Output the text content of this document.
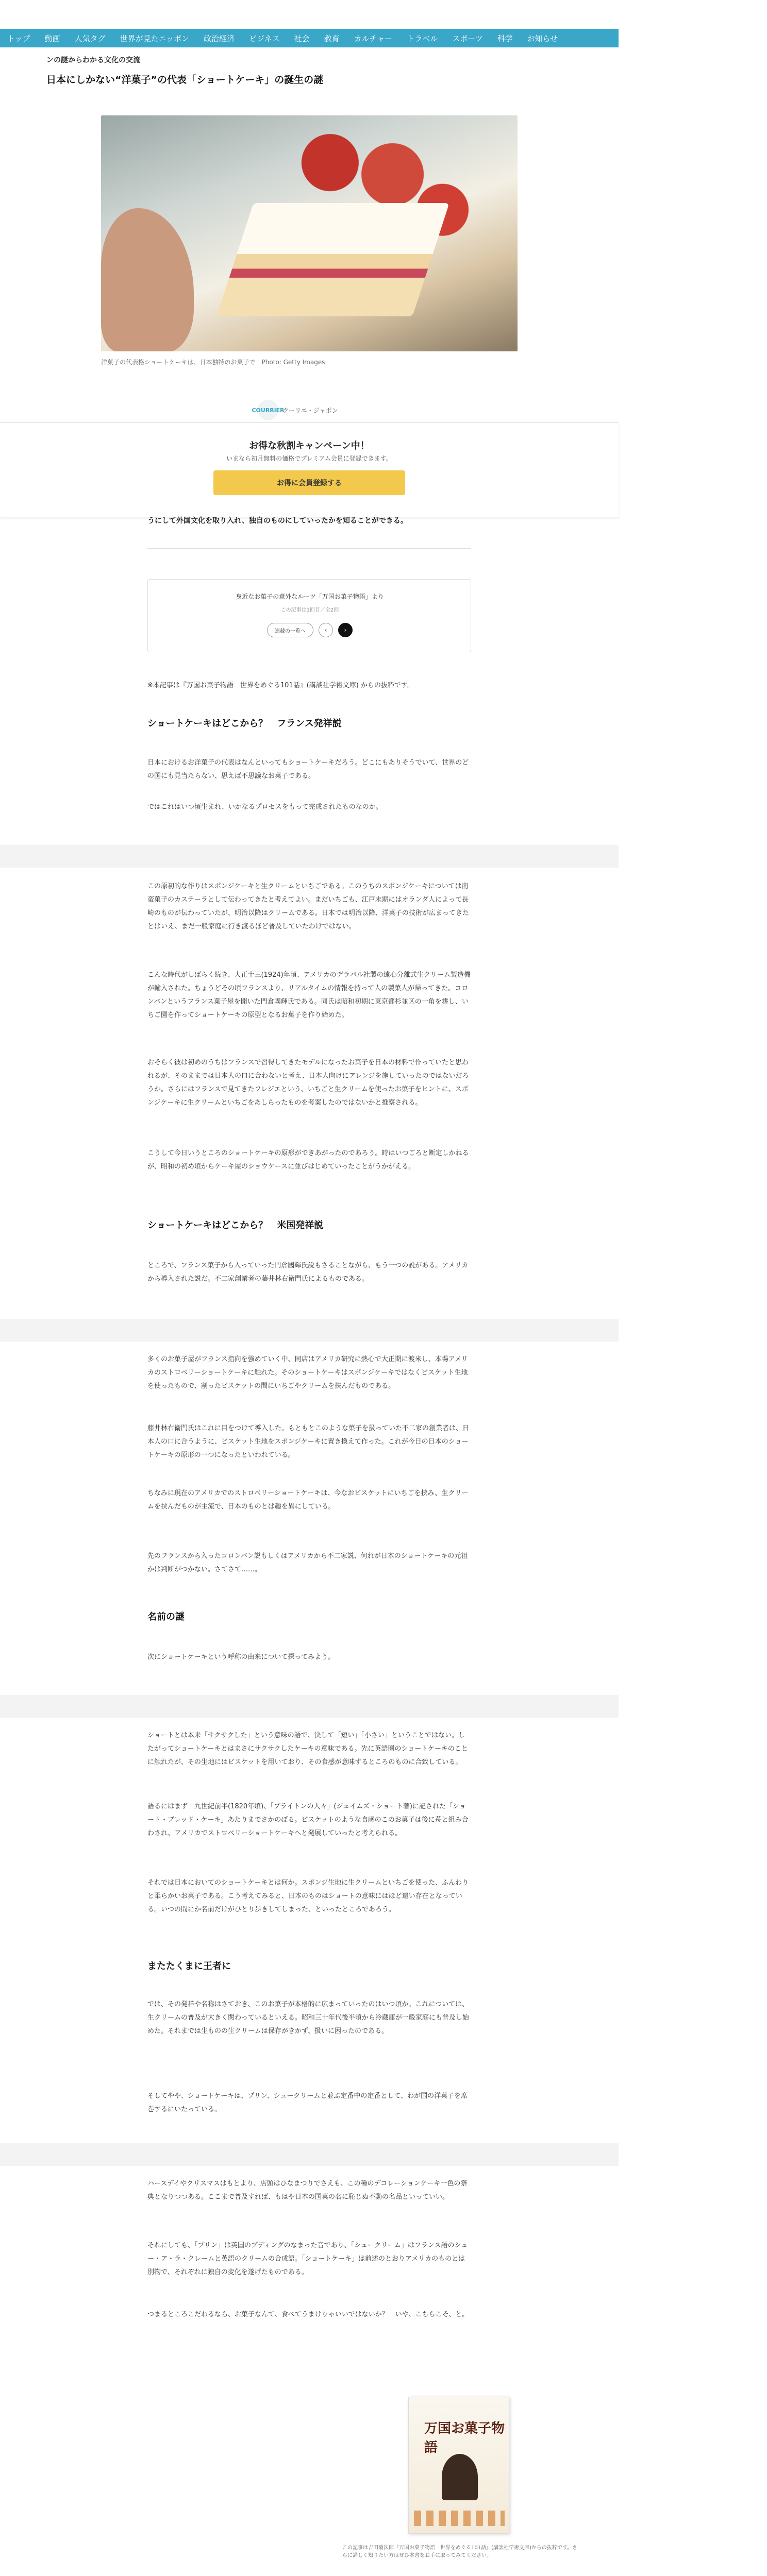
トップ 動画 人気タグ 世界が見たニッポン 政治経済 ビジネス 社会 教育 カルチャー トラベル スポーツ 科学 お知らせ
ンの謎からわかる文化の交流
日本にしかない“洋菓子”の代表「ショートケーキ」の誕生の謎
洋菓子の代表格ショートケーキは、日本独特のお菓子で　Photo: Getty Images
COURRiER
クーリエ・ジャポン
お得な秋割キャンペーン中！
いまなら初月無料の価格でプレミアム会員に登録できます。
お得に会員登録する
うにして外国文化を取り入れ、独自のものにしていったかを知ることができる。
身近なお菓子の意外なルーツ「万国お菓子物語」より
この記事は1回目／全2回
連載の一覧へ	‹	›
※本記事は『万国お菓子物語　世界をめぐる101話』(講談社学術文庫) からの抜粋です。
ショートケーキはどこから？　フランス発祥説
日本におけるお洋菓子の代表はなんといってもショートケーキだろう。どこにもありそうでいて、世界のどの国にも見当たらない、思えば不思議なお菓子である。
ではこれはいつ頃生まれ、いかなるプロセスをもって完成されたものなのか。
この原初的な作りはスポンジケーキと生クリームといちごである。このうちのスポンジケーキについては南蛮菓子のカステーラとして伝わってきたと考えてよい。まだいちごも、江戸末期にはオランダ人によって長崎のものが伝わっていたが、明治以降はクリームである。日本では明治以降、洋菓子の技術が広まってきたとはいえ、まだ一般家庭に行き渡るほど普及していたわけではない。
こんな時代がしばらく続き、大正十三(1924)年頃、アメリカのデラバル社製の遠心分離式生クリーム製造機が輸入された。ちょうどその頃フランスより、リアルタイムの情報を持って人の製菓人が帰ってきた。コロンバンというフランス菓子屋を開いた門倉國輝氏である。同氏は昭和初期に東京都杉並区の一角を耕し、いちご園を作ってショートケーキの原型となるお菓子を作り始めた。
おそらく彼は初めのうちはフランスで習得してきたモデルになったお菓子を日本の材料で作っていたと思われるが、そのままでは日本人の口に合わないと考え、日本人向けにアレンジを施していったのではないだろうか。さらにはフランスで見てきたフレジエという、いちごと生クリームを使ったお菓子をヒントに、スポンジケーキに生クリームといちごをあしらったものを考案したのではないかと推察される。
こうして今日いうところのショートケーキの原形ができあがったのであろう。時はいつごろと断定しかねるが、昭和の初め頃からケーキ屋のショウケースに並びはじめていったことがうかがえる。
ショートケーキはどこから？　米国発祥説
ところで、フランス菓子から入っていった門倉國輝氏説もさることながら、もう一つの説がある。アメリカから導入された説だ。不二家創業者の藤井林右衛門氏によるものである。
多くのお菓子屋がフランス指向を強めていく中、同店はアメリカ研究に熱心で大正期に渡米し、本場アメリカのストロベリーショートケーキに触れた。そのショートケーキはスポンジケーキではなくビスケット生地を使ったもので、割ったビスケットの間にいちごやクリームを挟んだものである。
藤井林右衛門氏はこれに目をつけて導入した。もともとこのような菓子を扱っていた不二家の創業者は、日本人の口に合うように、ビスケット生地をスポンジケーキに置き換えて作った。これが今日の日本のショートケーキの原形の一つになったといわれている。
ちなみに現在のアメリカでのストロベリーショートケーキは、今なおビスケットにいちごを挟み、生クリームを挟んだものが主流で、日本のものとは趣を異にしている。
先のフランスから入ったコロンバン説もしくはアメリカから不二家説、何れが日本のショートケーキの元祖かは判断がつかない。さてさて……。
名前の謎
次にショートケーキという呼称の由来について探ってみよう。
ショートとは本来「サクサクした」という意味の語で、決して「短い」「小さい」ということではない。したがってショートケーキとはまさにサクサクしたケーキの意味である。先に英語圏のショートケーキのことに触れたが、その生地にはビスケットを用いており、その食感が意味するところのものに合致している。
語るにはまず十九世紀前半(1820年頃)、「ブライトンの人々」(ジェイムズ・ショート著)に記された「ショート・ブレッド・ケーキ」あたりまでさかのぼる。ビスケットのような食感のこのお菓子は後に苺と組み合わされ、アメリカでストロベリーショートケーキへと発展していったと考えられる。
それでは日本においてのショートケーキとは何か。スポンジ生地に生クリームといちごを使った、ふんわりと柔らかいお菓子である。こう考えてみると、日本のものはショートの意味にはほど遠い存在となっている。いつの間にか名前だけがひとり歩きしてしまった、といったところであろう。
またたくまに王者に
では、その発祥や名称はさておき、このお菓子が本格的に広まっていったのはいつ頃か。これについては、生クリームの普及が大きく関わっているといえる。昭和三十年代後半頃から冷蔵庫が一般家庭にも普及し始めた。それまでは生ものの生クリームは保存がきかず、扱いに困ったのである。
そしてやや、ショートケーキは、プリン、シュークリームと並ぶ定番中の定番として、わが国の洋菓子を席巻するにいたっている。
ハースデイやクリスマスはもとより、店頭はひなまつりでさえも、この種のデコレーションケーキ一色の祭典となりつつある。ここまで普及すれば、もはや日本の国菓の名に恥じぬ不動の名品といっていい。
それにしても、「プリン」は英国のプディングのなまった音であり、「シュークリーム」はフランス語のシュー・ア・ラ・クレームと英語のクリームの合成語。「ショートケーキ」は前述のとおりアメリカのものとは別物で、それぞれに独自の変化を遂げたものである。
つまるところこだわるなら、お菓子なんて、食べてうまけりゃいいではないか？　いや、こちらこそ、と。
万国お菓子物語
この記事は吉田菊次郎『万国お菓子物語　世界をめぐる101話』(講談社学術文庫)からの抜粋です。さらに詳しく知りたい方はぜひ本書をお手に取ってみてください。
